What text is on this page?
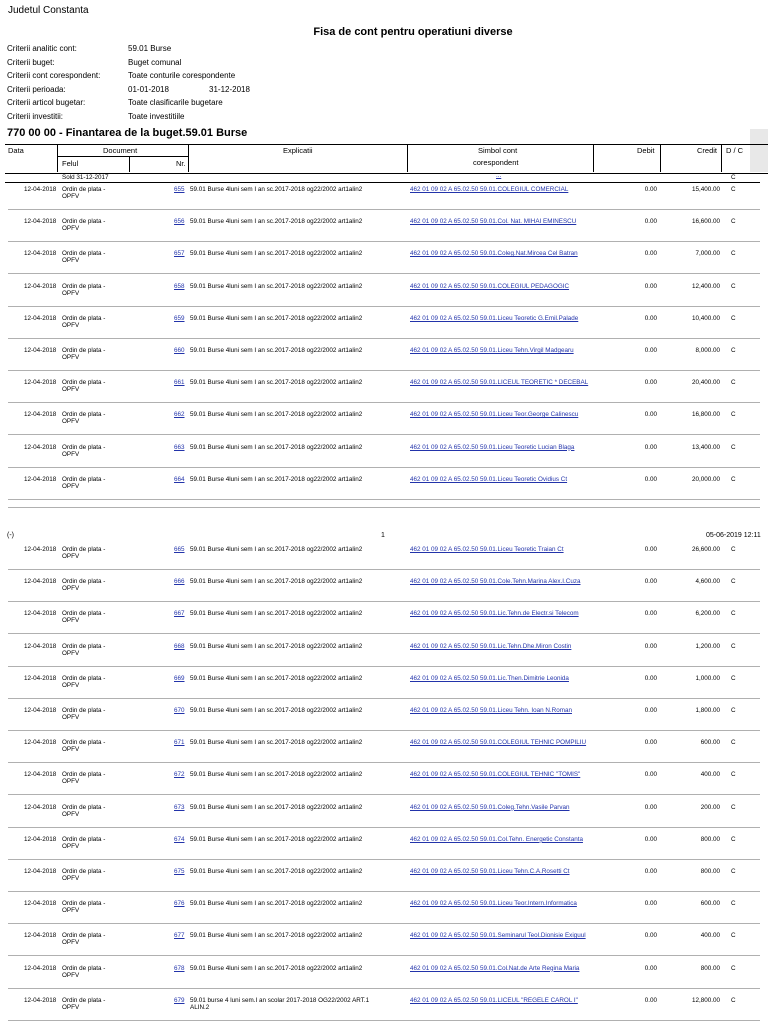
Judetul Constanta
Fisa de cont pentru operatiuni diverse
Criterii analitic cont:	59.01 Burse
Criterii buget:	Buget comunal
Criterii cont corespondent:	Toate conturile corespondente
Criterii perioada:	01-01-2018	31-12-2018
Criterii articol bugetar:	Toate clasificarile bugetare
Criterii investitii:	Toate investitiile
770 00 00 - Finantarea de la buget.59.01 Burse
Data	Document
Felul	Nr.
Explicatii	Simbol cont
corespondent
Debit	Credit D / C
Sold 31-12-2017	...	C
12-04-2018 Ordin de plata -
OPFV
655 59.01 Burse 4luni sem I an sc.2017-2018 og22/2002 art1alin2	462 01 09 02 A 65.02.50 59.01.COLEGIUL COMERCIAL	0.00	15,400.00 C
12-04-2018 Ordin de plata -
OPFV
656 59.01 Burse 4luni sem I an sc.2017-2018 og22/2002 art1alin2	462 01 09 02 A 65.02.50 59.01.Col. Nat. MIHAI EMINESCU	0.00	16,600.00 C
12-04-2018 Ordin de plata -
OPFV
657 59.01 Burse 4luni sem I an sc.2017-2018 og22/2002 art1alin2	462 01 09 02 A 65.02.50 59.01.Coleg.Nat.Mircea Cel Batran	0.00	7,000.00 C
12-04-2018 Ordin de plata -
OPFV
658 59.01 Burse 4luni sem I an sc.2017-2018 og22/2002 art1alin2	462 01 09 02 A 65.02.50 59.01.COLEGIUL PEDAGOGIC	0.00	12,400.00 C
12-04-2018 Ordin de plata -
OPFV
659 59.01 Burse 4luni sem I an sc.2017-2018 og22/2002 art1alin2	462 01 09 02 A 65.02.50 59.01.Liceu Teoretic G.Emil.Palade	0.00	10,400.00 C
12-04-2018 Ordin de plata -
OPFV
660 59.01 Burse 4luni sem I an sc.2017-2018 og22/2002 art1alin2	462 01 09 02 A 65.02.50 59.01.Liceu Tehn.Virgil Madgearu	0.00	8,000.00 C
12-04-2018 Ordin de plata -
OPFV
661 59.01 Burse 4luni sem I an sc.2017-2018 og22/2002 art1alin2	462 01 09 02 A 65.02.50 59.01.LICEUL TEORETIC * DECEBAL	0.00	20,400.00 C
12-04-2018 Ordin de plata -
OPFV
662 59.01 Burse 4luni sem I an sc.2017-2018 og22/2002 art1alin2	462 01 09 02 A 65.02.50 59.01.Liceu Teor.George Calinescu	0.00	16,800.00 C
12-04-2018 Ordin de plata -
OPFV
663 59.01 Burse 4luni sem I an sc.2017-2018 og22/2002 art1alin2	462 01 09 02 A 65.02.50 59.01.Liceu Teoretic Lucian Blaga	0.00	13,400.00 C
12-04-2018 Ordin de plata -
OPFV
664 59.01 Burse 4luni sem I an sc.2017-2018 og22/2002 art1alin2	462 01 09 02 A 65.02.50 59.01.Liceu Teoretic Ovidius Ct	0.00	20,000.00 C
(-)	1	05-06-2019 12:11
12-04-2018 Ordin de plata -
OPFV
665 59.01 Burse 4luni sem I an sc.2017-2018 og22/2002 art1alin2	462 01 09 02 A 65.02.50 59.01.Liceu Teoretic Traian Ct	0.00	26,600.00 C
12-04-2018 Ordin de plata -
OPFV
666 59.01 Burse 4luni sem I an sc.2017-2018 og22/2002 art1alin2	462 01 09 02 A 65.02.50 59.01.Cole.Tehn.Marina Alex.I.Cuza	0.00	4,600.00 C
12-04-2018 Ordin de plata -
OPFV
667 59.01 Burse 4luni sem I an sc.2017-2018 og22/2002 art1alin2	462 01 09 02 A 65.02.50 59.01.Lic.Tehn.de Electr.si Telecom	0.00	6,200.00 C
12-04-2018 Ordin de plata -
OPFV
668 59.01 Burse 4luni sem I an sc.2017-2018 og22/2002 art1alin2	462 01 09 02 A 65.02.50 59.01.Lic.Tehn.Dhe.Miron Costin	0.00	1,200.00 C
12-04-2018 Ordin de plata -
OPFV
669 59.01 Burse 4luni sem I an sc.2017-2018 og22/2002 art1alin2	462 01 09 02 A 65.02.50 59.01.Lic.Then.Dimitrie Leonida	0.00	1,000.00 C
12-04-2018 Ordin de plata -
OPFV
670 59.01 Burse 4luni sem I an sc.2017-2018 og22/2002 art1alin2	462 01 09 02 A 65.02.50 59.01.Liceu Tehn. Ioan N.Roman	0.00	1,800.00 C
12-04-2018 Ordin de plata -
OPFV
671 59.01 Burse 4luni sem I an sc.2017-2018 og22/2002 art1alin2	462 01 09 02 A 65.02.50 59.01.COLEGIUL TEHNIC POMPILIU	0.00	600.00 C
12-04-2018 Ordin de plata -
OPFV
672 59.01 Burse 4luni sem I an sc.2017-2018 og22/2002 art1alin2	462 01 09 02 A 65.02.50 59.01.COLEGIUL TEHNIC "TOMIS"	0.00	400.00 C
12-04-2018 Ordin de plata -
OPFV
673 59.01 Burse 4luni sem I an sc.2017-2018 og22/2002 art1alin2	462 01 09 02 A 65.02.50 59.01.Coleg.Tehn.Vasile Parvan	0.00	200.00 C
12-04-2018 Ordin de plata -
OPFV
674 59.01 Burse 4luni sem I an sc.2017-2018 og22/2002 art1alin2	462 01 09 02 A 65.02.50 59.01.Col.Tehn. Energetic Constanta	0.00	800.00 C
12-04-2018 Ordin de plata -
OPFV
675 59.01 Burse 4luni sem I an sc.2017-2018 og22/2002 art1alin2	462 01 09 02 A 65.02.50 59.01.Liceu Tehn.C.A.Rosetti Ct	0.00	800.00 C
12-04-2018 Ordin de plata -
OPFV
676 59.01 Burse 4luni sem I an sc.2017-2018 og22/2002 art1alin2	462 01 09 02 A 65.02.50 59.01.Liceu Teor.Intern.Informatica	0.00	600.00 C
12-04-2018 Ordin de plata -
OPFV
677 59.01 Burse 4luni sem I an sc.2017-2018 og22/2002 art1alin2	462 01 09 02 A 65.02.50 59.01.Seminarul Teol.Dionisie Exiguul	0.00	400.00 C
12-04-2018 Ordin de plata -
OPFV
678 59.01 Burse 4luni sem I an sc.2017-2018 og22/2002 art1alin2	462 01 09 02 A 65.02.50 59.01.Col.Nat.de Arte Regina Maria	0.00	800.00 C
12-04-2018 Ordin de plata -
OPFV
679 59.01 burse 4 luni sem.I an scolar 2017-2018 OG22/2002 ART.1
ALIN.2
462 01 09 02 A 65.02.50 59.01.LICEUL "REGELE CAROL I"	0.00	12,800.00 C
